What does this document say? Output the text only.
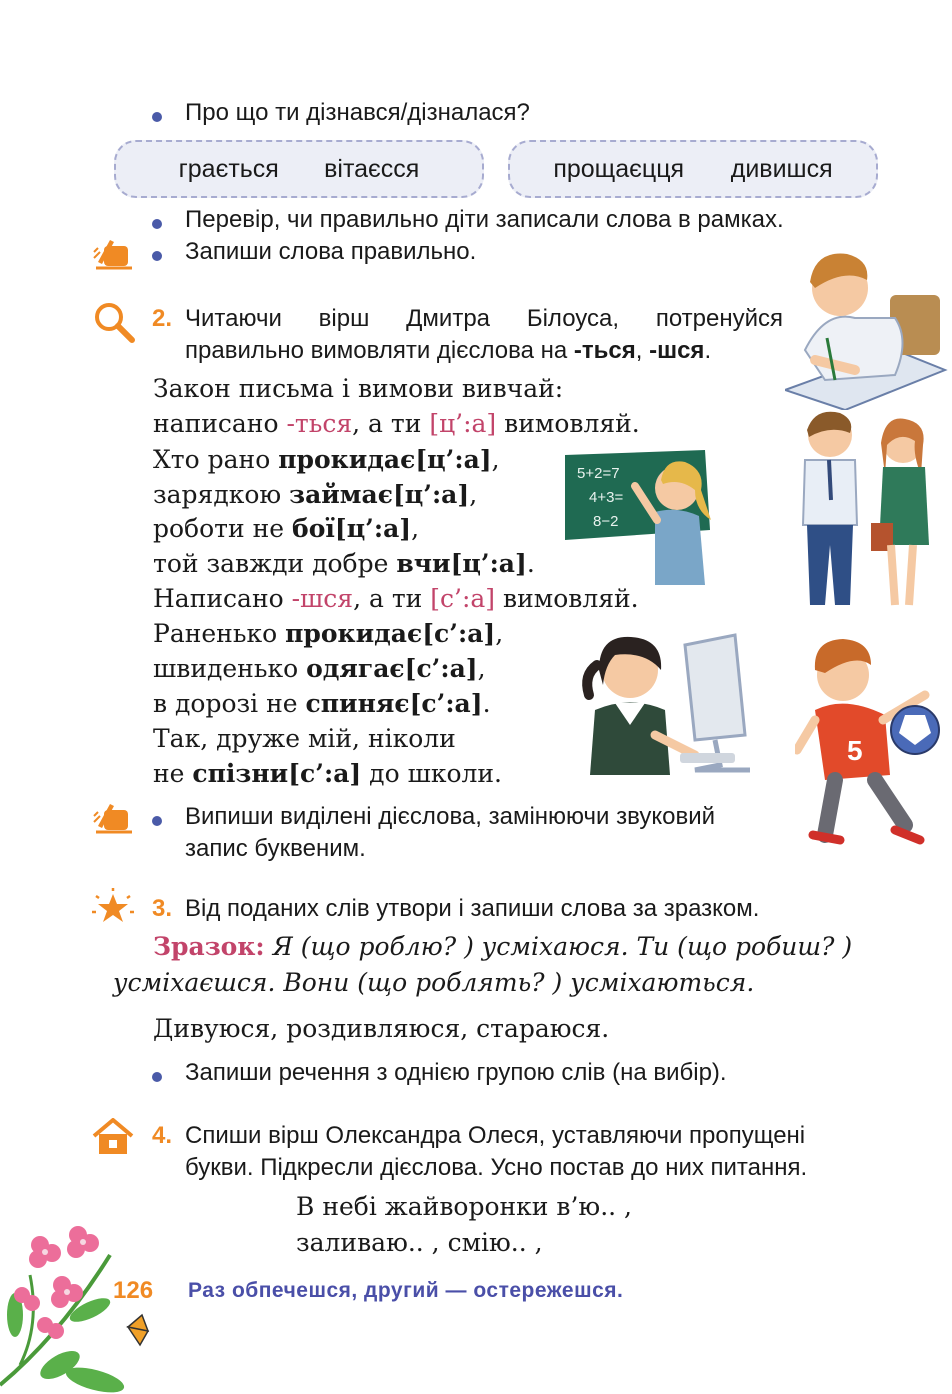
Про що ти дізнався/дізналася?
грається вітаєсся	прощаєцця дивишся
Перевір, чи правильно діти записали слова в рамках.
Запиши слова правильно.
2. Читаючи вірш Дмитра Білоуса, потренуйся
правильно вимовляти дієслова на -ться, -шся.
Закон письма і вимови вивчай:
написано -ться, а ти [ц’:а] вимовляй.
Хто рано прокидає[ц’:а],
зарядкою займає[ц’:а],
роботи не боï[ц’:а],
той завжди добре вчи[ц’:а].
Написано -шся, а ти [с’:а] вимовляй.
Раненько прокидає[с’:а],
швиденько одягає[с’:а],
в дорозі не спиняє[с’:а].
Так, друже мій, ніколи
не спізни[с’:а] до школи.
5+2=7
4+3=
8−2
5
Випиши виділені дієслова, замінюючи звуковий
запис буквеним.
3. Від поданих слів утвори і запиши слова за зразком.
Зразок: Я (що роблю? ) усміхаюся. Ти (що робиш? )
усміхаєшся. Вони (що роблять? ) усміхаються.
Дивуюся, роздивляюся, стараюся.
Запиши речення з однією групою слів (на вибір).
4. Спиши вірш Олександра Олеся, уставляючи пропущені
букви. Підкресли дієслова. Усно постав до них питання.
В небі жайворонки в’ю.. ,
заливаю.. , смію.. ,
126 Раз обпечешся, другий — остережешся.
